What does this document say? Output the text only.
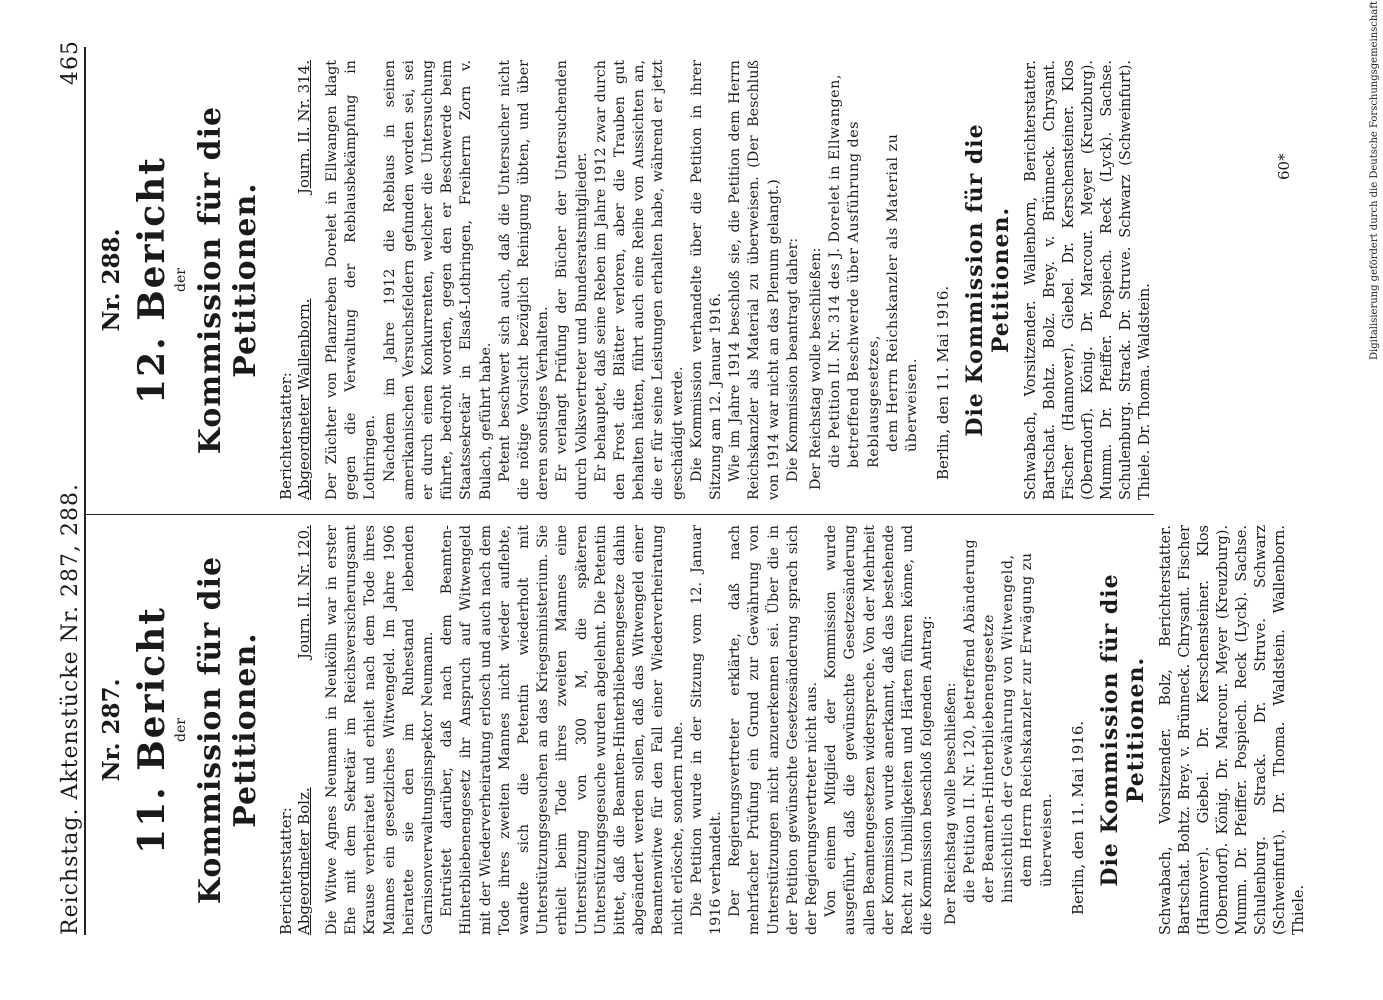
Reichstag. Aktenstücke Nr. 287, 288.
465
Nr. 287. 11. Bericht der Kommission für die Petitionen.
Berichterstatter: Abgeordneter Bolz.
Journ. II. Nr. 120. Die Witwe Agnes Neumann in Neukölln war in erster Ehe mit dem Sekretär im Reichsversicherungsamt Krause verheiratet und erhielt nach dem Tode ihres Mannes ein gesetzliches Witwengeld. Im Jahre 1906 heiratete sie den im Ruhestand lebenden Garnisonverwaltungsinspektor Neumann. Entrüstet darüber, daß nach dem Beamten-Hinterbliebenengesetz ihr Anspruch auf Witwengeld mit der Wiederverheiratung erlosch und auch nach dem Tode ihres zweiten Mannes nicht wieder auflebte, wandte sich die Petentin wiederholt mit Unterstützungsgesuchen an das Kriegsministerium. Sie erhielt beim Tode ihres zweiten Mannes eine Unterstützung von 300 M, die späteren Unterstützungsgesuche wurden abgelehnt. Die Petentin bittet, daß die Beamten-Hinterbliebenengesetze dahin abgeändert werden sollen, daß das Witwengeld einer Beamtenwitwe für den Fall einer Wiederverheiratung nicht erlösche, sondern ruhe. Die Petition wurde in der Sitzung vom 12. Januar 1916 verhandelt. Der Regierungsvertreter erklärte, daß nach mehrfacher Prüfung ein Grund zur Gewährung von Unterstützungen nicht anzuerkennen sei. Über die in der Petition gewünschte Gesetzesänderung sprach sich der Regierungsvertreter nicht aus. Von einem Mitglied der Kommission wurde ausgeführt, daß die gewünschte Gesetzesänderung allen Beamtengesetzen widerspreche. Von der Mehrheit der Kommission wurde anerkannt, daß das bestehende Recht zu Unbilligkeiten und Härten führen könne, und die Kommission beschloß folgenden Antrag: Der Reichstag wolle beschließen: die Petition II. Nr. 120, betreffend Abänderung der Beamten-Hinterbliebenengesetze hinsichtlich der Gewährung von Witwengeld, dem Herrn Reichskanzler zur Erwägung zu überweisen. Berlin, den 11. Mai 1916. Die Kommission für die Petitionen. Schwabach, Vorsitzender. Bolz, Berichterstatter. Bartschat. Bohtz. Brey. v. Brünneck. Chrysant. Fischer (Hannover). Giebel. Dr. Kerschensteiner. Klos (Oberndorf). König. Dr. Marcour. Meyer (Kreuzburg). Mumm. Dr. Pfeiffer. Pospiech. Reck (Lyck). Sachse. Schulenburg. Strack. Dr. Struve. Schwarz (Schweinfurt). Dr. Thoma. Waldstein. Wallenborn. Thiele.
Nr. 288. 12. Bericht der Kommission für die Petitionen.
Berichterstatter: Abgeordneter Wallenborn.
Journ. II. Nr. 314. Der Züchter von Pflanzreben Dorelet in Ellwangen klagt gegen die Verwaltung der Reblausbekämpfung in Lothringen. Nachdem im Jahre 1912 die Reblaus in seinen amerikanischen Versuchsfeldern gefunden worden sei, sei er durch einen Konkurrenten, welcher die Untersuchung führte, bedroht worden, gegen den er Beschwerde beim Staatssekretär in Elsaß-Lothringen, Freiherrn Zorn v. Bulach, geführt habe. Petent beschwert sich auch, daß die Untersucher nicht die nötige Vorsicht bezüglich Reinigung übten, und über deren sonstiges Verhalten. Er verlangt Prüfung der Bücher der Untersuchenden durch Volksvertreter und Bundesratsmitglieder. Er behauptet, daß seine Reben im Jahre 1912 zwar durch den Frost die Blätter verloren, aber die Trauben gut behalten hätten, führt auch eine Reihe von Aussichten an, die er für seine Leistungen erhalten habe, während er jetzt geschädigt werde. Die Kommission verhandelte über die Petition in ihrer Sitzung am 12. Januar 1916. Wie im Jahre 1914 beschloß sie, die Petition dem Herrn Reichskanzler als Material zu überweisen. (Der Beschluß von 1914 war nicht an das Plenum gelangt.) Die Kommission beantragt daher: Der Reichstag wolle beschließen: die Petition II. Nr. 314 des J. Dorelet in Ellwangen, betreffend Beschwerde über Ausführung des Reblausgesetzes, dem Herrn Reichskanzler als Material zu überweisen. Berlin, den 11. Mai 1916. Die Kommission für die Petitionen. Schwabach, Vorsitzender. Wallenborn, Berichterstatter. Bartschat. Bohtz. Bolz. Brey. v. Brünneck. Chrysant. Fischer (Hannover). Giebel. Dr. Kerschensteiner. Klos (Oberndorf). König. Dr. Marcour. Meyer (Kreuzburg). Mumm. Dr. Pfeiffer. Pospiech. Reck (Lyck). Sachse. Schulenburg. Strack. Dr. Struve. Schwarz (Schweinfurt). Thiele. Dr. Thoma. Waldstein.
60*	Digitalisierung gefördert durch die Deutsche Forschungsgemeinschaft
